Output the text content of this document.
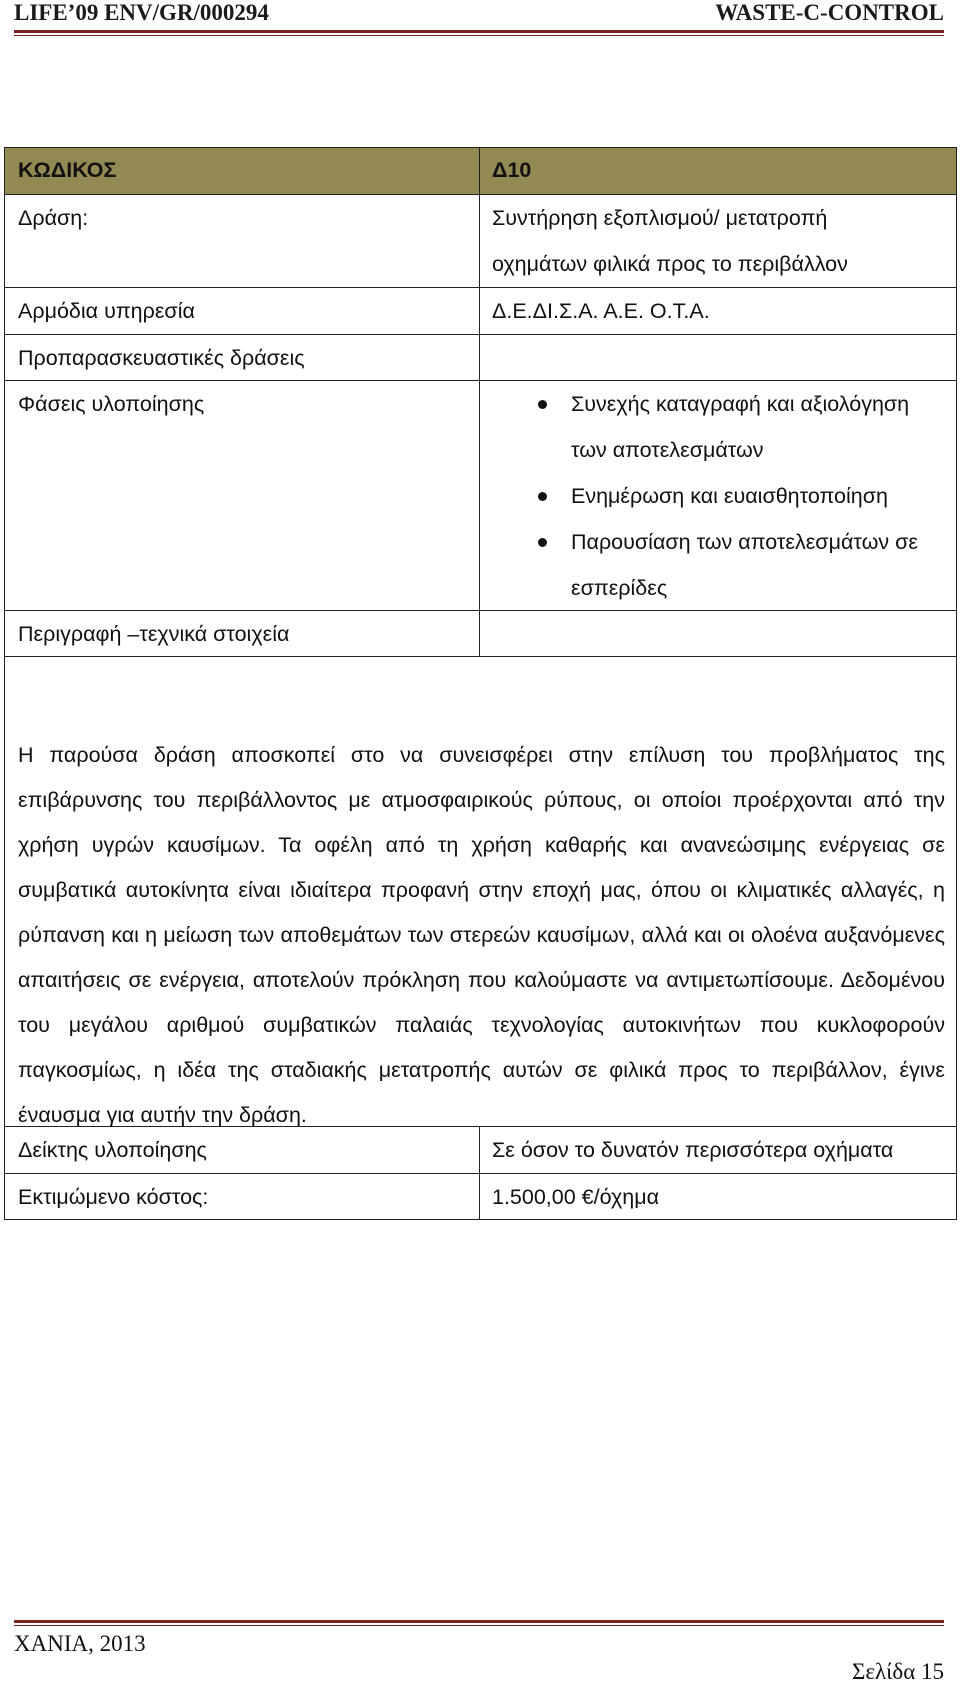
LIFE’09 ENV/GR/000294	WASTE-C-CONTROL
ΚΩΔΙΚΟΣ	Δ10
Δράση:	Συντήρηση εξοπλισμού/ μετατροπή
οχημάτων φιλικά προς το περιβάλλον
Αρμόδια υπηρεσία	Δ.Ε.ΔΙ.Σ.Α. Α.Ε. Ο.Τ.Α.
Προπαρασκευαστικές δράσεις
Φάσεις υλοποίησης	Συνεχής καταγραφή και αξιολόγηση
των αποτελεσμάτων
Ενημέρωση και ευαισθητοποίηση
Παρουσίαση των αποτελεσμάτων σε
εσπερίδες
Περιγραφή –τεχνικά στοιχεία
Η παρούσα δράση αποσκοπεί στο να συνεισφέρει στην επίλυση του προβλήματος της επιβάρυνσης του περιβάλλοντος με ατμοσφαιρικούς ρύπους, οι οποίοι προέρχονται από την χρήση υγρών καυσίμων. Τα οφέλη από τη χρήση καθαρής και ανανεώσιμης ενέργειας σε συμβατικά αυτοκίνητα είναι ιδιαίτερα προφανή στην εποχή μας, όπου οι κλιματικές αλλαγές, η ρύπανση και η μείωση των αποθεμάτων των στερεών καυσίμων, αλλά και οι ολοένα αυξανόμενες απαιτήσεις σε ενέργεια, αποτελούν πρόκληση που καλούμαστε να αντιμετωπίσουμε. Δεδομένου του μεγάλου αριθμού συμβατικών παλαιάς τεχνολογίας αυτοκινήτων που κυκλοφορούν παγκοσμίως, η ιδέα της σταδιακής μετατροπής αυτών σε φιλικά προς το περιβάλλον, έγινε έναυσμα για αυτήν την δράση.
Δείκτης υλοποίησης	Σε όσον το δυνατόν περισσότερα οχήματα
Εκτιμώμενο κόστος:	1.500,00 €/όχημα
ΧΑΝΙΑ, 2013
Σελίδα 15
